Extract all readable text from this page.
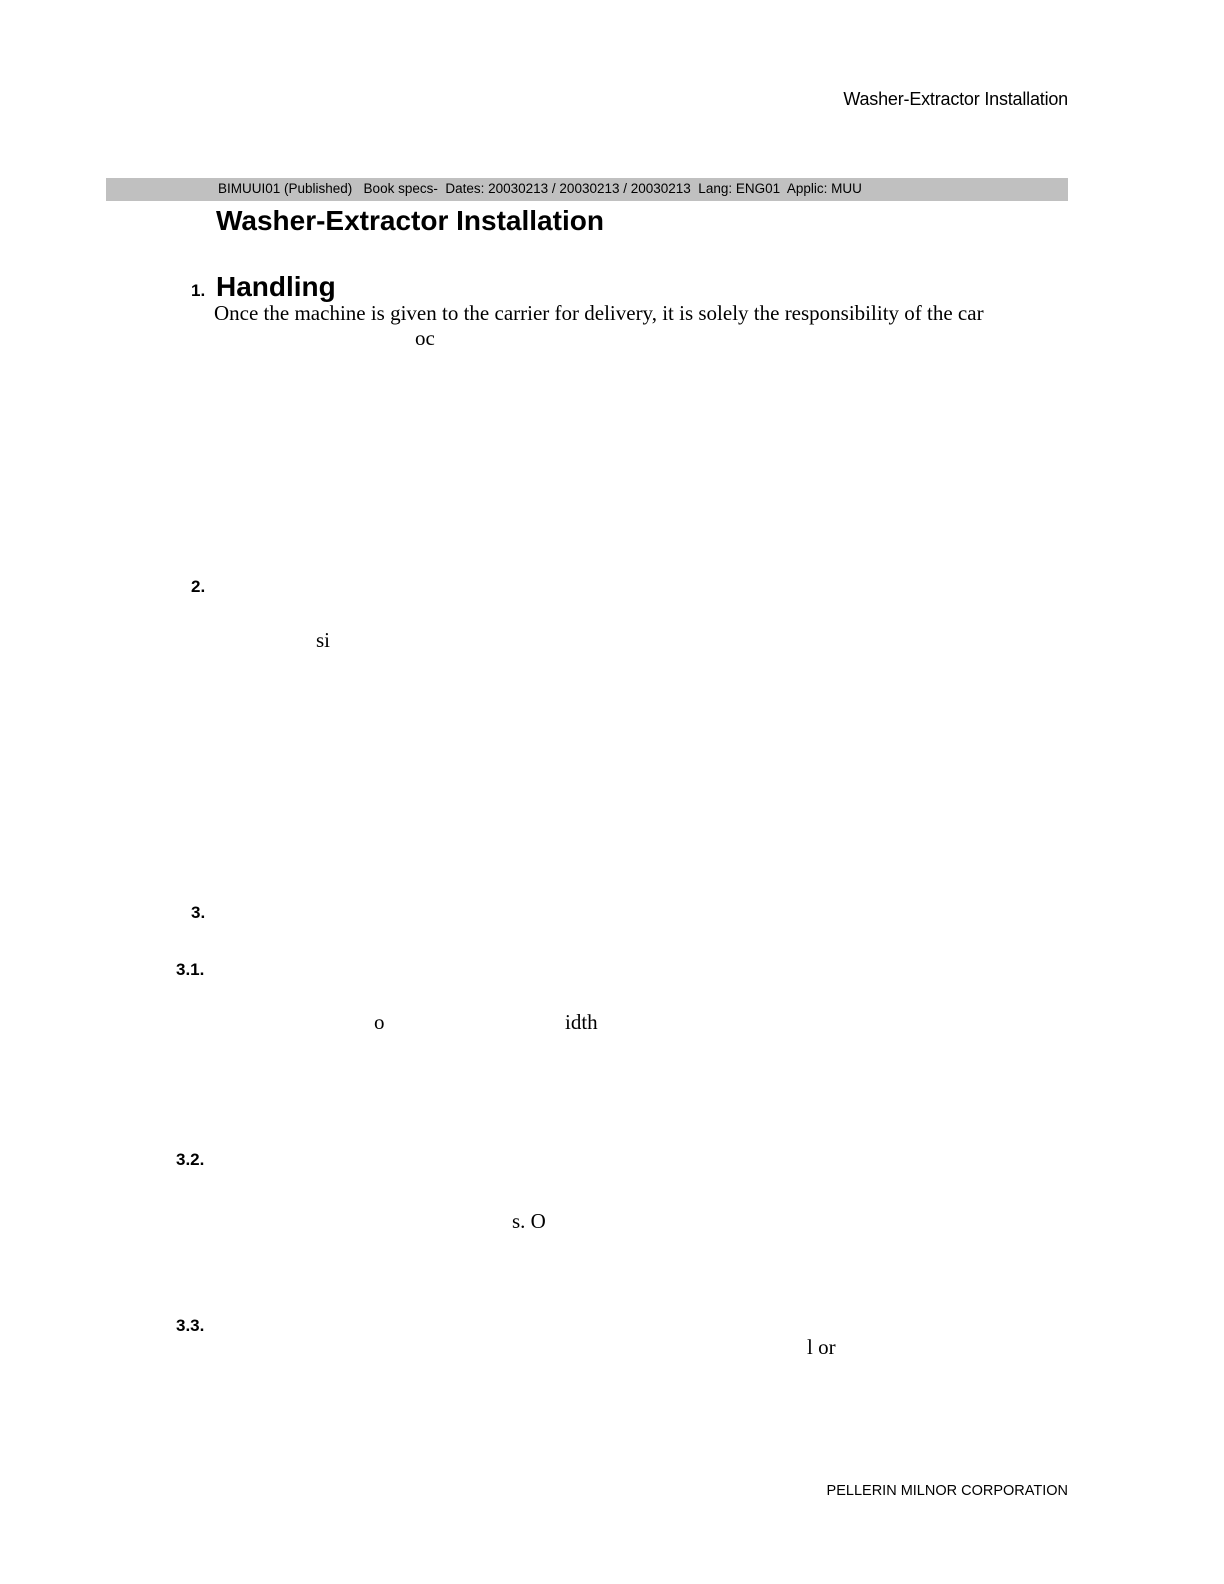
Washer-Extractor Installation
BIMUUI01 (Published)   Book specs-  Dates: 20030213 / 20030213 / 20030213  Lang: ENG01  Applic: MUU
Washer-Extractor Installation
1. Handling
Once the machine is given to the carrier for delivery, it is solely the responsibility of the car
oc
2.
si
3.
3.1.
o	idth
3.2.
s. O
3.3.
l or
PELLERIN MILNOR CORPORATION
